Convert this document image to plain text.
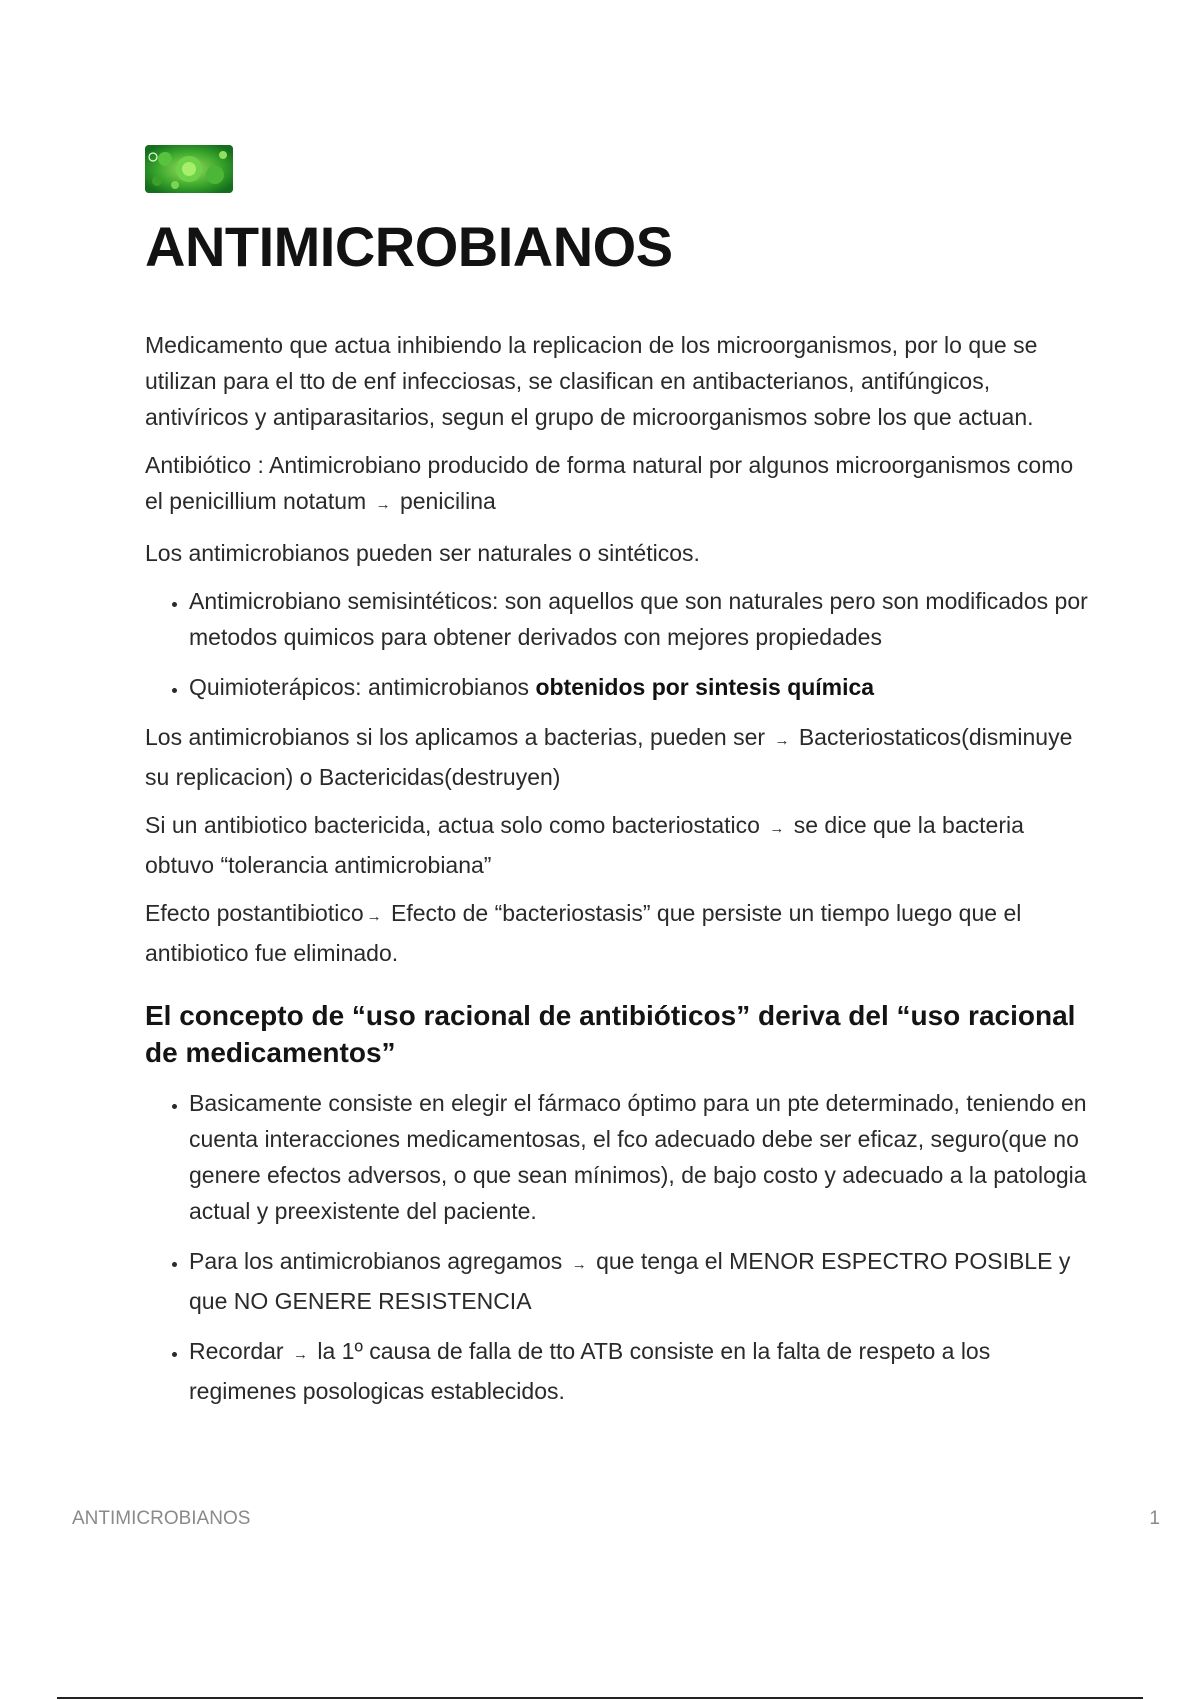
ANTIMICROBIANOS

Medicamento que actua inhibiendo la replicacion de los microorganismos, por lo que se utilizan para el tto de enf infecciosas, se clasifican en antibacterianos, antifúngicos, antivíricos y antiparasitarios, segun el grupo de microorganismos sobre los que actuan.

Antibiótico : Antimicrobiano producido de forma natural por algunos microorganismos como el penicillium notatum → penicilina

Los antimicrobianos pueden ser naturales o sintéticos.

• Antimicrobiano semisintéticos: son aquellos que son naturales pero son modificados por metodos quimicos para obtener derivados con mejores propiedades
• Quimioterápicos: antimicrobianos obtenidos por sintesis química

Los antimicrobianos si los aplicamos a bacterias, pueden ser → Bacteriostaticos(disminuye su replicacion) o Bactericidas(destruyen)

Si un antibiotico bactericida, actua solo como bacteriostatico → se dice que la bacteria obtuvo “tolerancia antimicrobiana”

Efecto postantibiotico → Efecto de “bacteriostasis” que persiste un tiempo luego que el antibiotico fue eliminado.

El concepto de “uso racional de antibióticos” deriva del “uso racional de medicamentos”
• Basicamente consiste en elegir el fármaco óptimo para un pte determinado, teniendo en cuenta interacciones medicamentosas, el fco adecuado debe ser eficaz, seguro(que no genere efectos adversos, o que sean mínimos), de bajo costo y adecuado a la patologia actual y preexistente del paciente.
• Para los antimicrobianos agregamos → que tenga el MENOR ESPECTRO POSIBLE y que NO GENERE RESISTENCIA
• Recordar → la 1º causa de falla de tto ATB consiste en la falta de respeto a los regimenes posologicas establecidos.
ANTIMICROBIANOS	1
